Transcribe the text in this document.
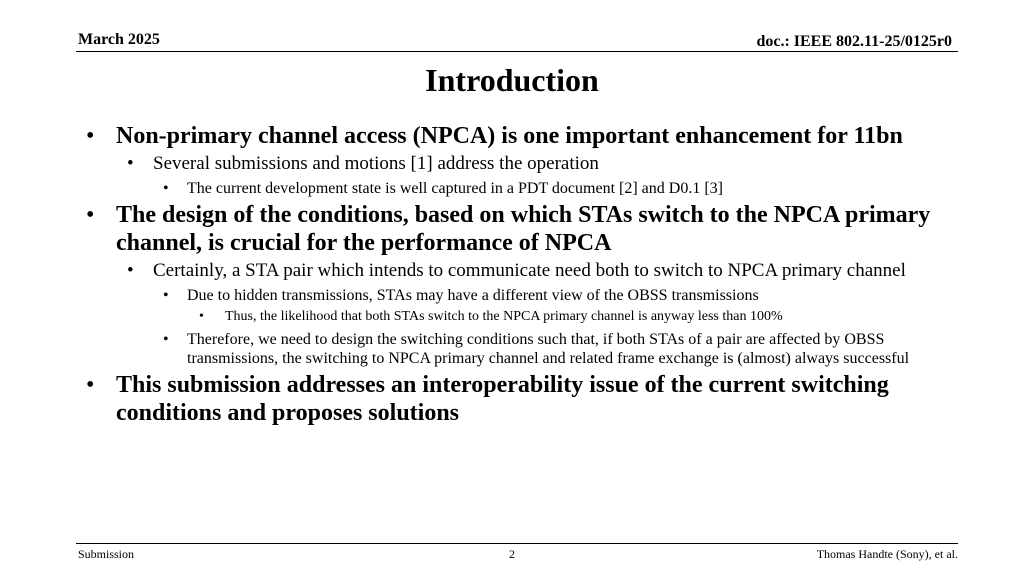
March 2025	doc.: IEEE 802.11-25/0125r0
Introduction
• Non-primary channel access (NPCA) is one important enhancement for 11bn
• Several submissions and motions [1] address the operation
• The current development state is well captured in a PDT document [2] and D0.1 [3]
• The design of the conditions, based on which STAs switch to the NPCA primary channel, is crucial for the performance of NPCA
• Certainly, a STA pair which intends to communicate need both to switch to NPCA primary channel
• Due to hidden transmissions, STAs may have a different view of the OBSS transmissions
• Thus, the likelihood that both STAs switch to the NPCA primary channel is anyway less than 100%
• Therefore, we need to design the switching conditions such that, if both STAs of a pair are affected by OBSS transmissions, the switching to NPCA primary channel and related frame exchange is (almost) always successful
• This submission addresses an interoperability issue of the current switching conditions and proposes solutions
Submission	2	Thomas Handte (Sony), et al.
